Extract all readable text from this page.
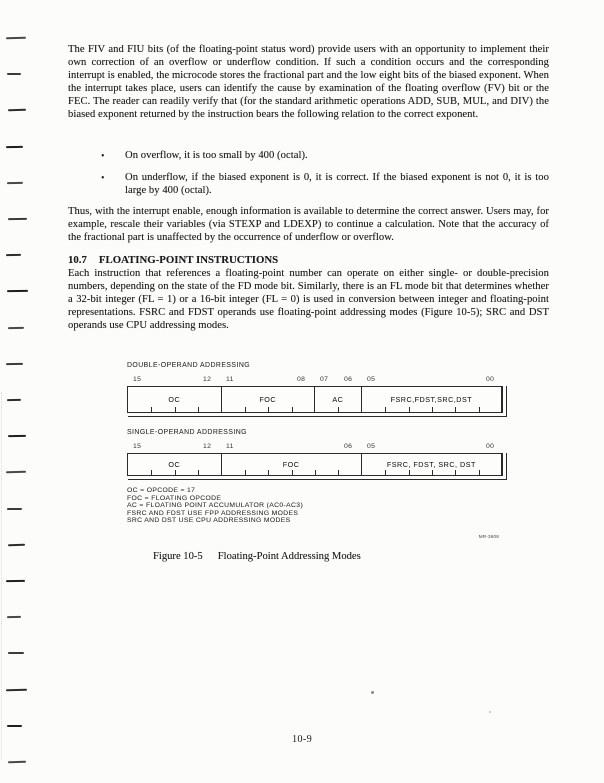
The FIV and FIU bits (of the floating-point status word) provide users with an opportunity to implement their own correction of an overflow or underflow condition. If such a condition occurs and the corresponding interrupt is enabled, the microcode stores the fractional part and the low eight bits of the biased exponent. When the interrupt takes place, users can identify the cause by examination of the floating overflow (FV) bit or the FEC. The reader can readily verify that (for the standard arithmetic operations ADD, SUB, MUL, and DIV) the biased exponent returned by the instruction bears the following relation to the correct exponent.
• On overflow, it is too small by 400 (octal).
• On underflow, if the biased exponent is 0, it is correct. If the biased exponent is not 0, it is too large by 400 (octal).
Thus, with the interrupt enable, enough information is available to determine the correct answer. Users may, for example, rescale their variables (via STEXP and LDEXP) to continue a calculation. Note that the accuracy of the fractional part is unaffected by the occurrence of underflow or overflow.
10.7 FLOATING-POINT INSTRUCTIONS
Each instruction that references a floating-point number can operate on either single- or double-precision numbers, depending on the state of the FD mode bit. Similarly, there is an FL mode bit that determines whether a 32-bit integer (FL = 1) or a 16-bit integer (FL = 0) is used in conversion between integer and floating-point representations. FSRC and FDST operands use floating-point addressing modes (Figure 10-5); SRC and DST operands use CPU addressing modes.
DOUBLE-OPERAND ADDRESSING
15	12 11	08 07 06 05	00
OC	FOC	AC	FSRC,FDST,SRC,DST
SINGLE-OPERAND ADDRESSING
15	12 11	06 05	00
OC	FOC	FSRC, FDST, SRC, DST
OC = OPCODE = 17
FOC = FLOATING OPCODE
AC = FLOATING POINT ACCUMULATOR (AC0-AC3)
FSRC AND FDST USE FPP ADDRESSING MODES
SRC AND DST USE CPU ADDRESSING MODES
MR-3608
Figure 10-5 Floating-Point Addressing Modes
10-9
